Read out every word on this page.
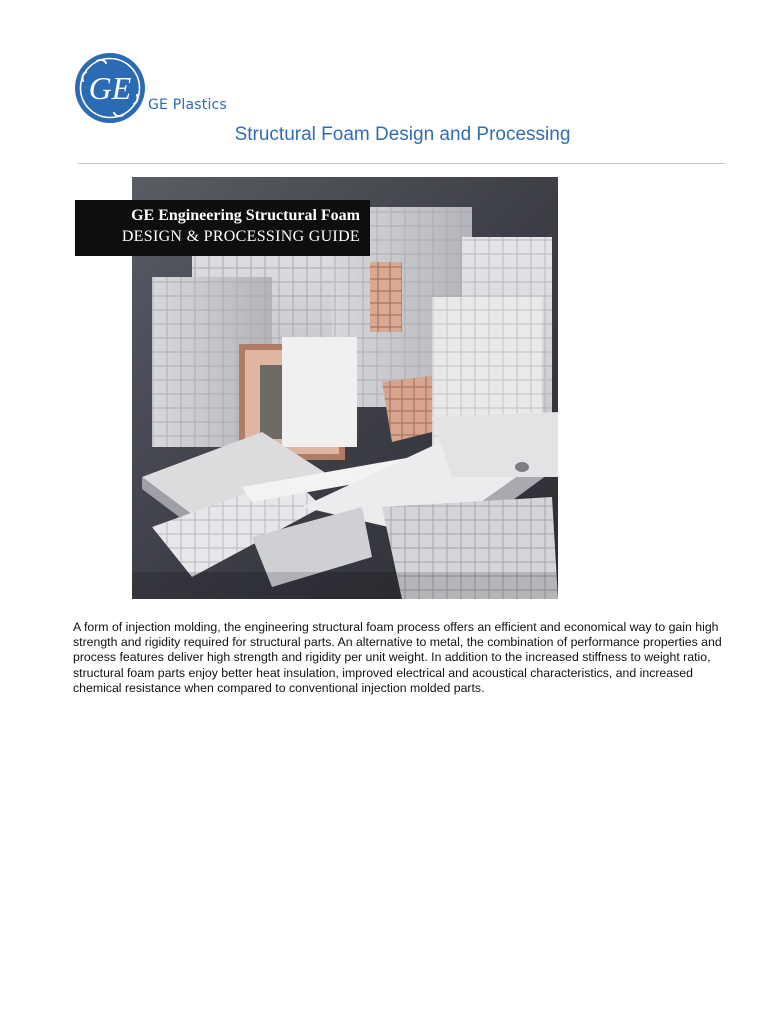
GE GE Plastics
Structural Foam Design and Processing
GE Engineering Structural Foam
DESIGN & PROCESSING GUIDE

A form of injection molding, the engineering structural foam process offers an efficient and economical way to gain high strength and rigidity required for structural parts. An alternative to metal, the combination of performance properties and process features deliver high strength and rigidity per unit weight. In addition to the increased stiffness to weight ratio, structural foam parts enjoy better heat insulation, improved electrical and acoustical characteristics, and increased chemical resistance when compared to conventional injection molded parts.
